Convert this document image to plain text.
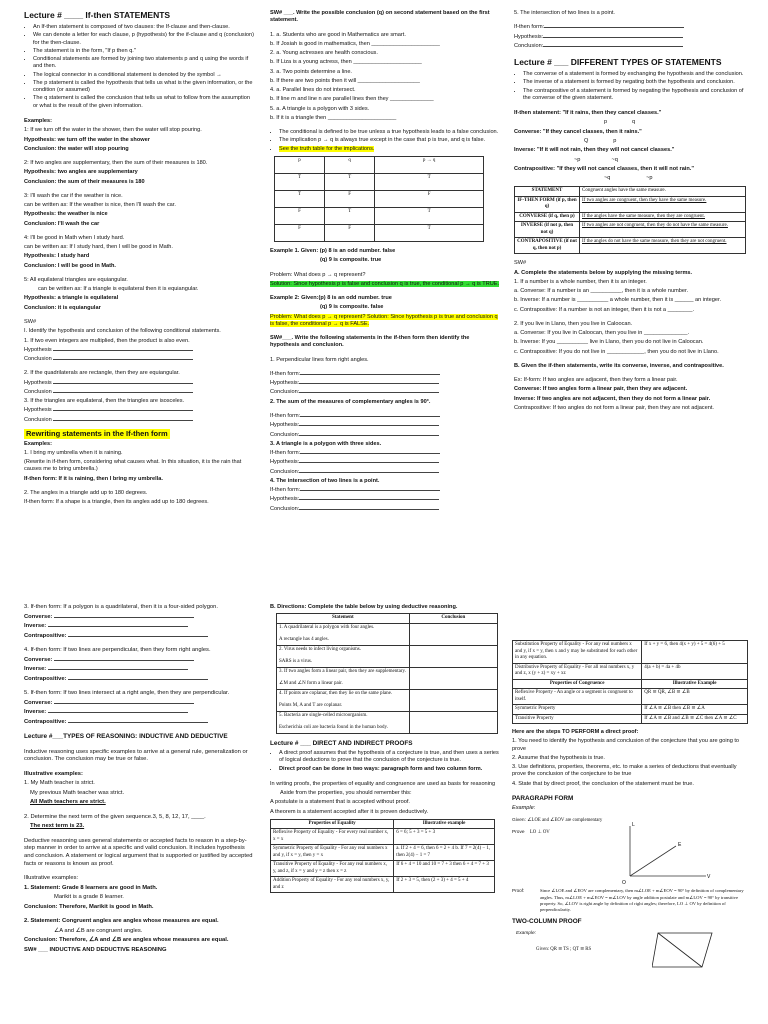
Lecture # ____ If-then STATEMENTS
• An If-then statement is composed of two clauses: the If-clause and then-clause.
• We can denote a letter for each clause, p (hypothesis) for the if-clause and q (conclusion) for the then-clause.
• The statement is in the form, "If p then q."
• Conditional statements are formed by joining two statements p and q using the words if and then.
• The logical connector in a conditional statement is denoted by the symbol →
• The p statement is called the hypothesis that tells us what is the given information, or the condition (or assumed)
• The q statement is called the conclusion that tells us what to follow from the assumption or what is the result of the given information.

Examples:

1: If we turn off the water in the shower, then the water will stop pouring.

Hypothesis: we turn off the water in the shower

Conclusion: the water will stop pouring

2: If two angles are supplementary, then the sum of their measures is 180.

Hypothesis: two angles are supplementary

Conclusion: the sum of their measures is 180

3: I'll wash the car if the weather is nice.

can be written as: If the weather is nice, then I'll wash the car.

Hypothesis: the weather is nice

Conclusion: I'll wash the car

4: I'll be good in Math when I study hard.

can be written as: If I study hard, then I will be good in Math.

Hypothesis: I study hard

Conclusion: I will be good in Math.

5: All equilateral triangles are equiangular.

can be written as: If a triangle is equilateral then it is equiangular.

Hypothesis: a triangle is equilateral

Conclusion: it is equiangular

SW#

I. Identify the hypothesis and conclusion of the following conditional statements.

1. If two even integers are multiplied, then the product is also even.

Hypothesis

Conclusion

2. If the quadrilaterals are rectangle, then they are equiangular.

Hypothesis

Conclusion

3. If the triangles are equilateral, then the triangles are isosceles.

Hypothesis

Conclusion

Rewriting statements in the If-then form

Examples:

1. I bring my umbrella when it is raining.

(Rewrite in if-then form, considering what causes what. In this situation, it is the rain that causes me to bring umbrella.)

If-then form: If it is raining, then I bring my umbrella.

2. The angles in a triangle add up to 180 degrees.

If-then form: If a shape is a triangle, then its angles add up to 180 degrees.

SW# ___. Write the possible conclusion (q) on second statement based on the first statement.

1. a. Students who are good in Mathematics are smart.

b. If Josiah is good in mathematics, then ______________________

2. a. Young actresses are health conscious.

b. If Liza is a young actress, then ______________________

3. a. Two points determine a line.

b. If there are two points then it will ____________________

4. a. Parallel lines do not intersect.

b. If line m and line n are parallel lines then they ______________

5. a. A triangle is a polygon with 3 sides.

b. If it is a triangle then ______________________

• The conditional is defined to be true unless a true hypothesis leads to a false conclusion.
• The implication p → q is always true except in the case that p is true, and q is false.
• See the truth table for the implications.
p	q	p → q
T	T	T
T	F	F
F	T	T
F	F	T

Example 1. Given: (p) 8 is an odd number. false

(q) 9 is composite. true

Problem: What does p → q represent?

Solution: Since hypothesis p is false and conclusion q is true, the conditional p → q is TRUE.

Example 2: Given:(p) 8 is an odd number. true

(q) 9 is composite. false

Problem: What does p → q represent? Solution: Since hypothesis p is true and conclusion q is false, the conditional p → q is FALSE.

SW#___. Write the following statements in the if-then form then identify the hypothesis and conclusion.

1. Perpendicular lines form right angles.

If-then form:

Hypothesis:

Conclusion:

2. The sum of the measures of complementary angles is 90°.

If-then form:

Hypothesis:

Conclusion:

3. A triangle is a polygon with three sides.

If-then form:

Hypothesis:

Conclusion:

4. The intersection of two lines is a point.

If-then form:

Hypothesis:

Conclusion:

5. The intersection of two lines is a point.

If-then form:

Hypothesis:

Conclusion:

Lecture # ___ DIFFERENT TYPES OF STATEMENTS
• The converse of a statement is formed by exchanging the hypothesis and the conclusion.
• The inverse of a statement is formed by negating both the hypothesis and conclusion.
• The contrapositive of a statement is formed by negating the hypothesis and conclusion of the converse of the given statement.

If-then statement: "If it rains, then they cancel classes."

p                q

Converse: "If they cancel classes, then it rains."

Q                p

Inverse: "If it will not rain, then they will not cancel classes."

~p                    ~q

Contrapositive: "If they will not cancel classes, then it will not rain."

~q                       ~p

STATEMENT	Congruent angles have the same measure.
IF-THEN FORM (if p, then q)	If two angles are congruent, then they have the same measure.
CONVERSE (if q, then p)	If the angles have the same measure, then they are congruent.
INVERSE (if not p, then not q)	If two angles are not congruent, then they do not have the same measure.
CONTRAPOSITIVE (if not q, then not p)	If the angles do not have the same measure, then they are not congruent.

SW#

A. Complete the statements below by supplying the missing terms.

1. If a number is a whole number, then it is an integer.

a. Converse: If a number is an __________, then it is a whole number.

b. Inverse: If a number is __________ a whole number, then it is ______ an integer.

c. Contrapositive: If a number is not an integer, then it is not a ________.

2. If you live in Llano, then you live in Caloocan.

a. Converse: If you live in Caloocan, then you live in ______________.

b. Inverse: If you __________ live in Llano, then you do not live in Caloocan.

c. Contrapositive: If you do not live in ____________, then you do not live in Llano.

B. Given the if-then statements, write its converse, inverse, and contrapositive.

Ex: If-form: If two angles are adjacent, then they form a linear pair.

Converse: If two angles form a linear pair, then they are adjacent.

Inverse: If two angles are not adjacent, then they do not form a linear pair.

Contrapositive: If two angles do not form a linear pair, then they are not adjacent.

3. If-then form: If a polygon is a quadrilateral, then it is a four-sided polygon.

Converse:

Inverse:

Contrapositive:

4. If-then form: If two lines are perpendicular, then they form right angles.

Converse:

Inverse:

Contrapositive:

5. If-then form: If two lines intersect at a right angle, then they are perpendicular.

Converse:

Inverse:

Contrapositive:

Lecture #___TYPES OF REASONING: INDUCTIVE AND DEDUCTIVE

Inductive reasoning uses specific examples to arrive at a general rule, generalization or conclusion. The conclusion may be true or false.

Illustrative examples:

1. My Math teacher is strict.

My previous Math teacher was strict.

All Math teachers are strict.

2. Determine the next term of the given sequence.3, 5, 8, 12, 17, ____.

The next term is 23.

Deductive reasoning uses general statements or accepted facts to reason in a step-by-step manner in order to arrive at a specific and valid conclusion. It includes hypothesis and conclusion. A statement or logical argument that is supported or justified by accepted facts or reasons is known as proof.

Illustrative examples:

1. Statement: Grade 8 learners are good in Math.

Marikit is a grade 8 learner.

Conclusion: Therefore, Marikit is good in Math.

2. Statement: Congruent angles are angles whose measures are equal.

∠A and ∠B are congruent angles.

Conclusion: Therefore, ∠A and ∠B are angles whose measures are equal.

SW# ___ INDUCTIVE AND DEDUCTIVE REASONING

B. Directions: Complete the table below by using deductive reasoning.

Statement	Conclusion

1. A quadrilateral is a polygon with four angles.
A rectangle has 4 angles.	

2. Virus needs to infect living organisms.
SARS is a virus.	

3. If two angles form a linear pair, then they are supplementary.
∠M and ∠N form a linear pair.	

4. If points are coplanar, then they lie on the same plane.
Points M, A and T are coplanar.	

5. Bacteria are single-celled microorganism.
Escherichia coli are bacteria found in the human body.	

Lecture # ___ DIRECT AND INDIRECT PROOFS

• A direct proof assumes that the hypothesis of a conjecture is true, and then uses a series of logical deductions to prove that the conclusion of the conjecture is true.
• Direct proof can be done in two ways: paragraph form and two column form.

In writing proofs, the properties of equality and congruence are used as basis for reasoning

Aside from the properties, you should remember this:

A postulate is a statement that is accepted without proof.

A theorem is a statement accepted after it is proven deductively.

Properties of Equality	Illustrative example
Reflexive Property of Equality - For every real number x, x = x	6 = 6; 5 + 3 = 5 + 3
Symmetric Property of Equality - For any real numbers x and y, if x = y, then y = x	a. If 2 + 4 = 6, then 6 = 2 + 4 b. If 7 = 2(4) − 1, then 2(4) − 1 = 7
Transitive Property of Equality - For any real numbers x, y, and z, if x = y and y = z then x = z	If 6 + 4 = 10 and 10 = 7 + 3 then 6 + 4 = 7 + 3
Addition Property of Equality - For any real numbers x, y, and z	If 2 + 3 = 5, then (2 + 3) + 4 = 5 + 4
Substitution Property of Equality - For any real numbers x and y, if x = y, then x and y may be substituted for each other in any equation.	If x + y = 6, then 4(x + y) + 5 = 4(6) + 5
Distributive Property of Equality - For all real numbers x, y and z, x (y + z) = xy + xz	4(a + b) = 4a + 4b
Properties of Congruence	Illustrative Example
Reflexive Property - An angle or a segment is congruent to itself.	QR ≅ QR, ∠B ≅ ∠B
Symmetric Property	If ∠A ≅ ∠B then ∠B ≅ ∠A
Transitive Property	If ∠A ≅ ∠B and ∠B ≅ ∠C then ∠A ≅ ∠C

Here are the steps TO PERFORM a direct proof:

1. You need to identify the hypothesis and conclusion of the conjecture that you are going to prove

2. Assume that the hypothesis is true.

3. Use definitions, properties, theorems, etc. to make a series of deductions that eventually prove the conclusion of the conjecture to be true

4. State that by direct proof, the conclusion of the statement must be true.

PARAGRAPH FORM

Example:

Given: ∠LOE and ∠EOV are complementary
Prove LO ⊥ OV
L
E
O
V
Proof:	Since ∠LOE and ∠EOV are complementary, then m∠LOE + m∠EOV = 90° by definition of complementary angles. Thus, m∠LOE + m∠EOV = m∠LOV by angle addition postulate and m∠LOV = 90° by transitive property. So, ∠LOV is right angle by definition of right angles; therefore, LO ⊥ OV by definition of perpendicularity.

TWO-COLUMN PROOF

Example:
Given: QR ≅ TS ; QT ≅ RS
